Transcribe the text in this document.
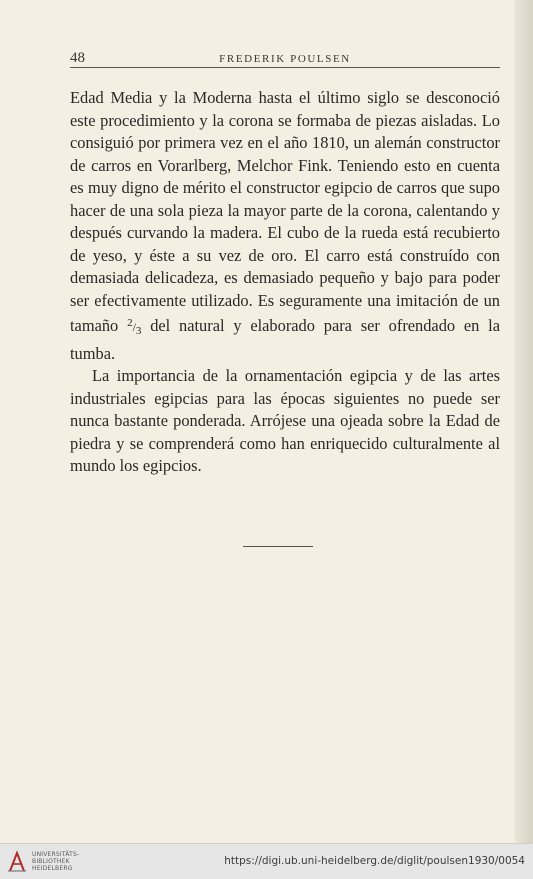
48	FREDERIK POULSEN

Edad Media y la Moderna hasta el último siglo se desconoció este procedimiento y la corona se formaba de piezas aisladas. Lo consiguió por primera vez en el año 1810, un alemán constructor de carros en Vorarlberg, Melchor Fink. Teniendo esto en cuenta es muy digno de mérito el constructor egipcio de carros que supo hacer de una sola pieza la mayor parte de la corona, calentando y después curvando la madera. El cubo de la rueda está recubierto de yeso, y éste a su vez de oro. El carro está construído con demasiada delicadeza, es demasiado pequeño y bajo para poder ser efectivamente utilizado. Es seguramente una imitación de un tamaño $^2/_3$ del natural y elaborado para ser ofrendado en la tumba.

La importancia de la ornamentación egipcia y de las artes industriales egipcias para las épocas siguientes no puede ser nunca bastante ponderada. Arrójese una ojeada sobre la Edad de piedra y se comprenderá como han enriquecido culturalmente al mundo los egipcios.

UNIVERSITÄTS-
BIBLIOTHEK
HEIDELBERG
https://digi.ub.uni-heidelberg.de/diglit/poulsen1930/0054
